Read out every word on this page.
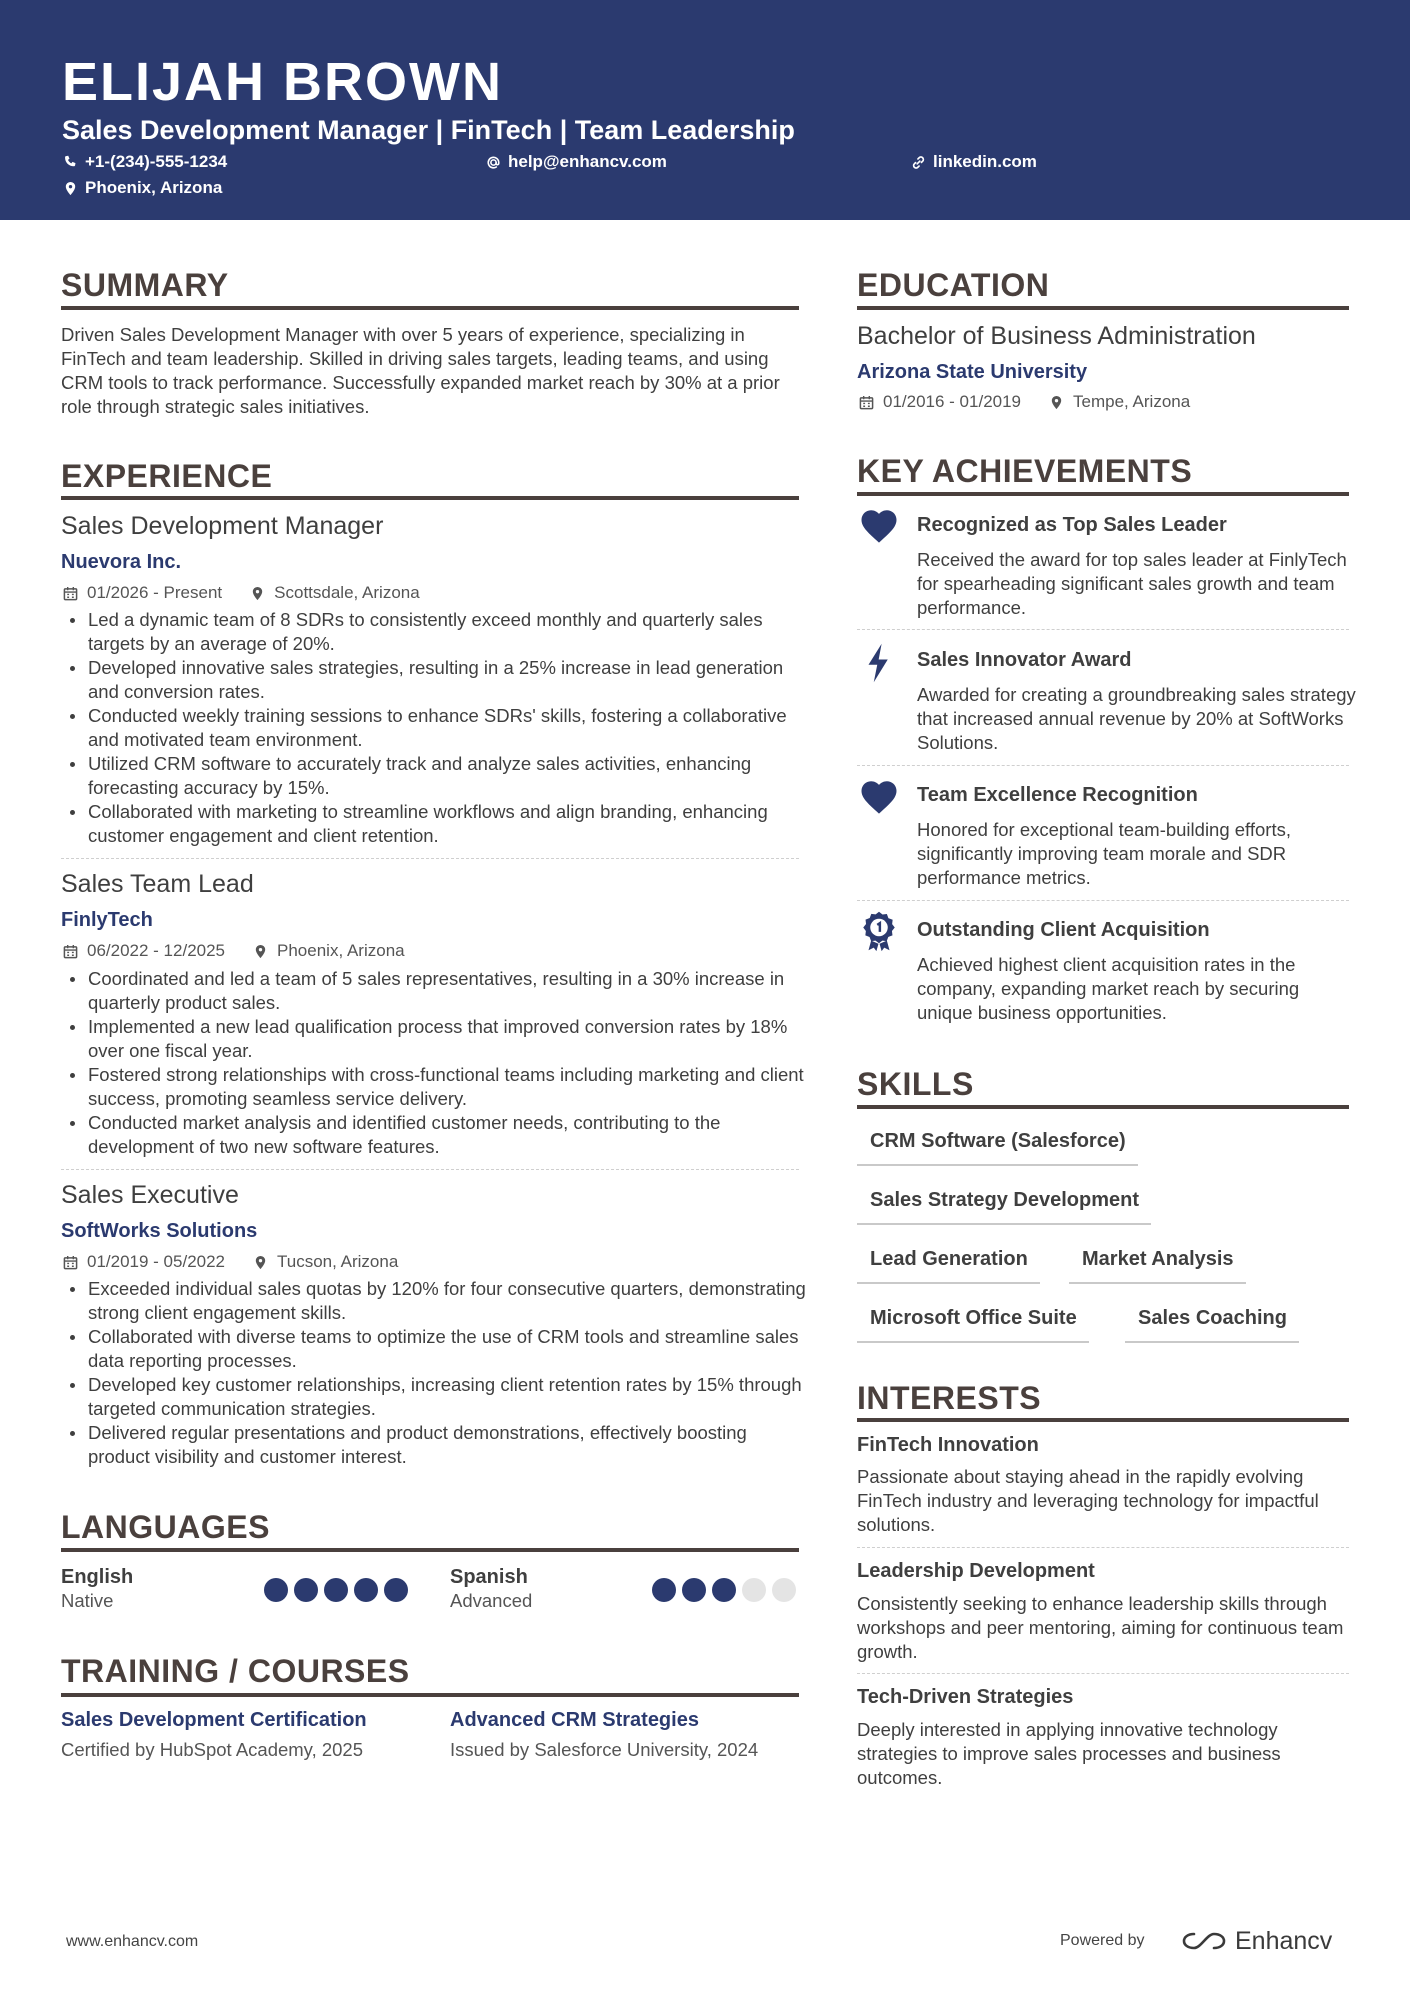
ELIJAH BROWN
Sales Development Manager | FinTech | Team Leadership
+1-(234)-555-1234	help@enhancv.com	linkedin.com
Phoenix, Arizona
SUMMARY
Driven Sales Development Manager with over 5 years of experience, specializing in FinTech and team leadership. Skilled in driving sales targets, leading teams, and using CRM tools to track performance. Successfully expanded market reach by 30% at a prior role through strategic sales initiatives.
EXPERIENCE
Sales Development Manager
Nuevora Inc.
01/2026 - Present	Scottsdale, Arizona
Led a dynamic team of 8 SDRs to consistently exceed monthly and quarterly sales targets by an average of 20%.
Developed innovative sales strategies, resulting in a 25% increase in lead generation and conversion rates.
Conducted weekly training sessions to enhance SDRs' skills, fostering a collaborative and motivated team environment.
Utilized CRM software to accurately track and analyze sales activities, enhancing forecasting accuracy by 15%.
Collaborated with marketing to streamline workflows and align branding, enhancing customer engagement and client retention.
Sales Team Lead
FinlyTech
06/2022 - 12/2025	Phoenix, Arizona
Coordinated and led a team of 5 sales representatives, resulting in a 30% increase in quarterly product sales.
Implemented a new lead qualification process that improved conversion rates by 18% over one fiscal year.
Fostered strong relationships with cross-functional teams including marketing and client success, promoting seamless service delivery.
Conducted market analysis and identified customer needs, contributing to the development of two new software features.
Sales Executive
SoftWorks Solutions
01/2019 - 05/2022	Tucson, Arizona
Exceeded individual sales quotas by 120% for four consecutive quarters, demonstrating strong client engagement skills.
Collaborated with diverse teams to optimize the use of CRM tools and streamline sales data reporting processes.
Developed key customer relationships, increasing client retention rates by 15% through targeted communication strategies.
Delivered regular presentations and product demonstrations, effectively boosting product visibility and customer interest.
LANGUAGES
English
Native
Spanish
Advanced
TRAINING / COURSES
Sales Development Certification
Certified by HubSpot Academy, 2025
Advanced CRM Strategies
Issued by Salesforce University, 2024
EDUCATION
Bachelor of Business Administration
Arizona State University
01/2016 - 01/2019	Tempe, Arizona
KEY ACHIEVEMENTS
Recognized as Top Sales Leader
Received the award for top sales leader at FinlyTech for spearheading significant sales growth and team performance.
Sales Innovator Award
Awarded for creating a groundbreaking sales strategy that increased annual revenue by 20% at SoftWorks Solutions.
Team Excellence Recognition
Honored for exceptional team-building efforts, significantly improving team morale and SDR performance metrics.
Outstanding Client Acquisition
Achieved highest client acquisition rates in the company, expanding market reach by securing unique business opportunities.
SKILLS
CRM Software (Salesforce)
Sales Strategy Development
Lead Generation	Market Analysis
Microsoft Office Suite	Sales Coaching
INTERESTS
FinTech Innovation
Passionate about staying ahead in the rapidly evolving FinTech industry and leveraging technology for impactful solutions.
Leadership Development
Consistently seeking to enhance leadership skills through workshops and peer mentoring, aiming for continuous team growth.
Tech-Driven Strategies
Deeply interested in applying innovative technology strategies to improve sales processes and business outcomes.
www.enhancv.com	Powered by	Enhancv
